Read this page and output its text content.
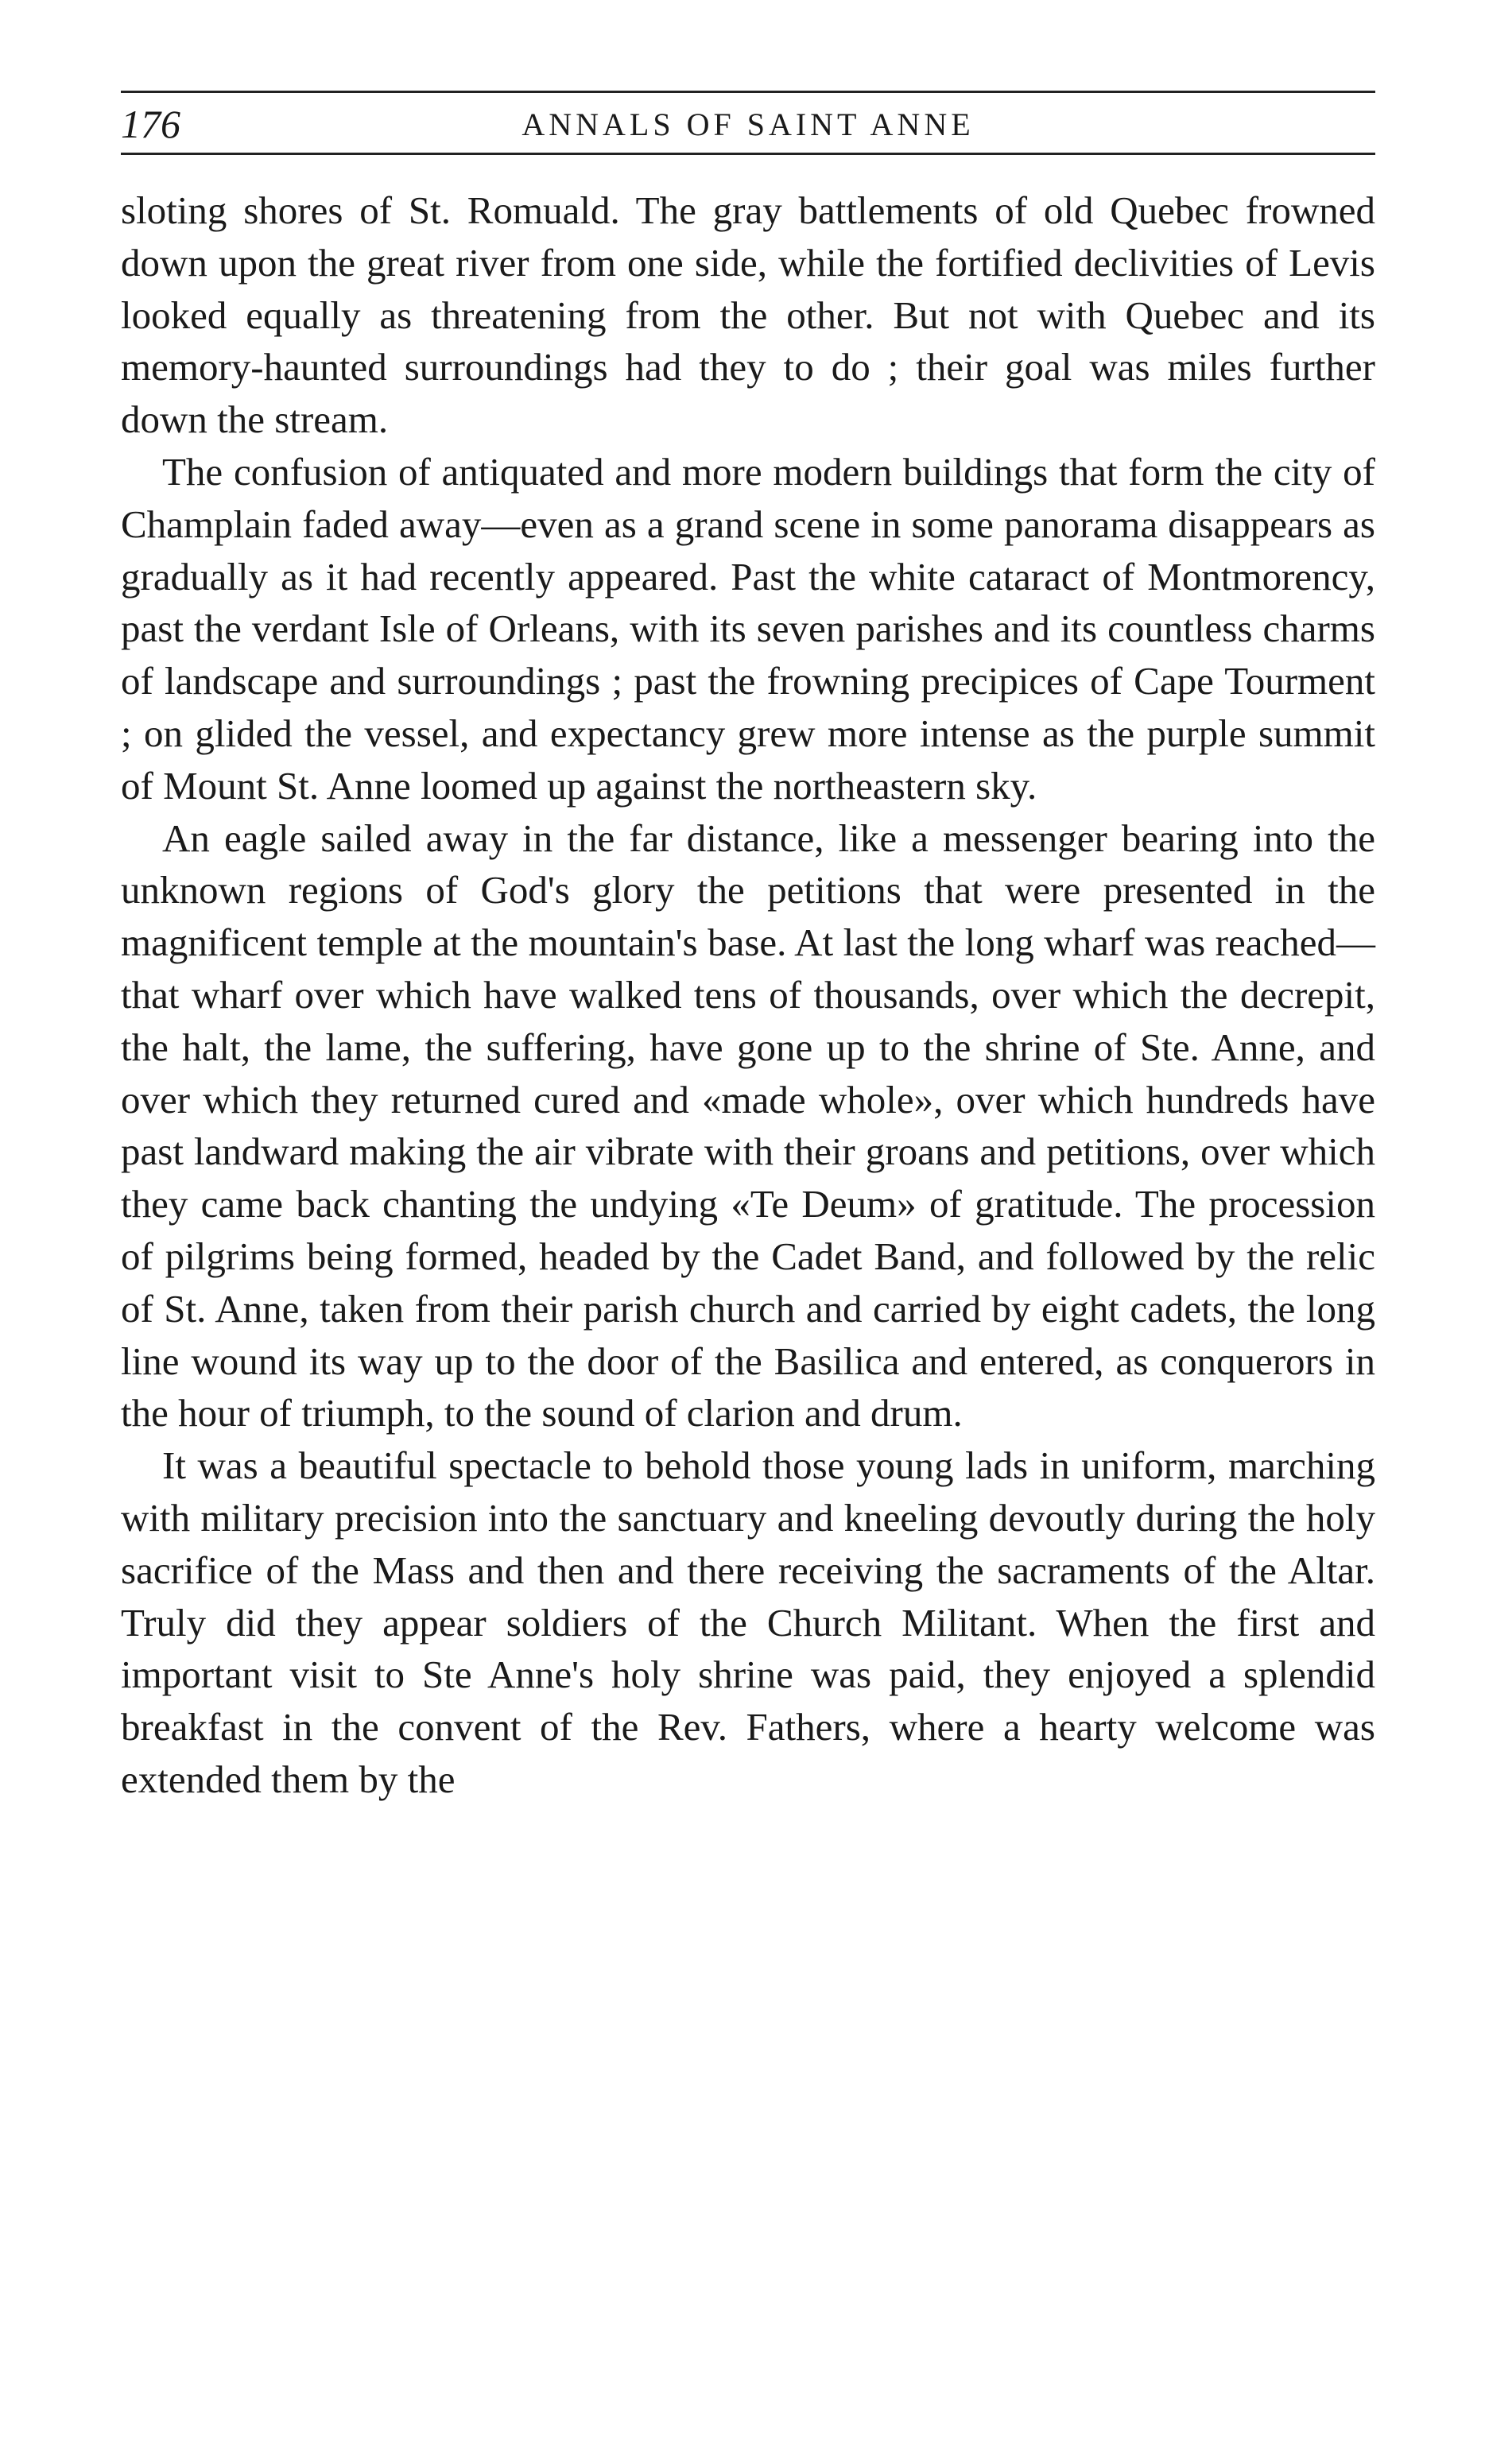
176	ANNALS OF SAINT ANNE

sloting shores of St. Romuald. The gray battlements of old Quebec frowned down upon the great river from one side, while the fortified declivities of Levis looked equally as threatening from the other. But not with Quebec and its memory-haunted surroundings had they to do ; their goal was miles further down the stream.

The confusion of antiquated and more modern buildings that form the city of Champlain faded away—even as a grand scene in some panorama disappears as gradually as it had recently appeared. Past the white cataract of Montmorency, past the verdant Isle of Orleans, with its seven parishes and its countless charms of landscape and surroundings ; past the frowning precipices of Cape Tourment ; on glided the vessel, and expectancy grew more intense as the purple summit of Mount St. Anne loomed up against the northeastern sky.

An eagle sailed away in the far distance, like a messenger bearing into the unknown regions of God's glory the petitions that were presented in the magnificent temple at the mountain's base. At last the long wharf was reached— that wharf over which have walked tens of thousands, over which the decrepit, the halt, the lame, the suffering, have gone up to the shrine of Ste. Anne, and over which they returned cured and «made whole», over which hundreds have past landward making the air vibrate with their groans and petitions, over which they came back chanting the undying «Te Deum» of gratitude. The procession of pilgrims being formed, headed by the Cadet Band, and followed by the relic of St. Anne, taken from their parish church and carried by eight cadets, the long line wound its way up to the door of the Basilica and entered, as conquerors in the hour of triumph, to the sound of clarion and drum.

It was a beautiful spectacle to behold those young lads in uniform, marching with military precision into the sanctuary and kneeling devoutly during the holy sacrifice of the Mass and then and there receiving the sacraments of the Altar. Truly did they appear soldiers of the Church Militant. When the first and important visit to Ste Anne's holy shrine was paid, they enjoyed a splendid breakfast in the convent of the Rev. Fathers, where a hearty welcome was extended them by the
